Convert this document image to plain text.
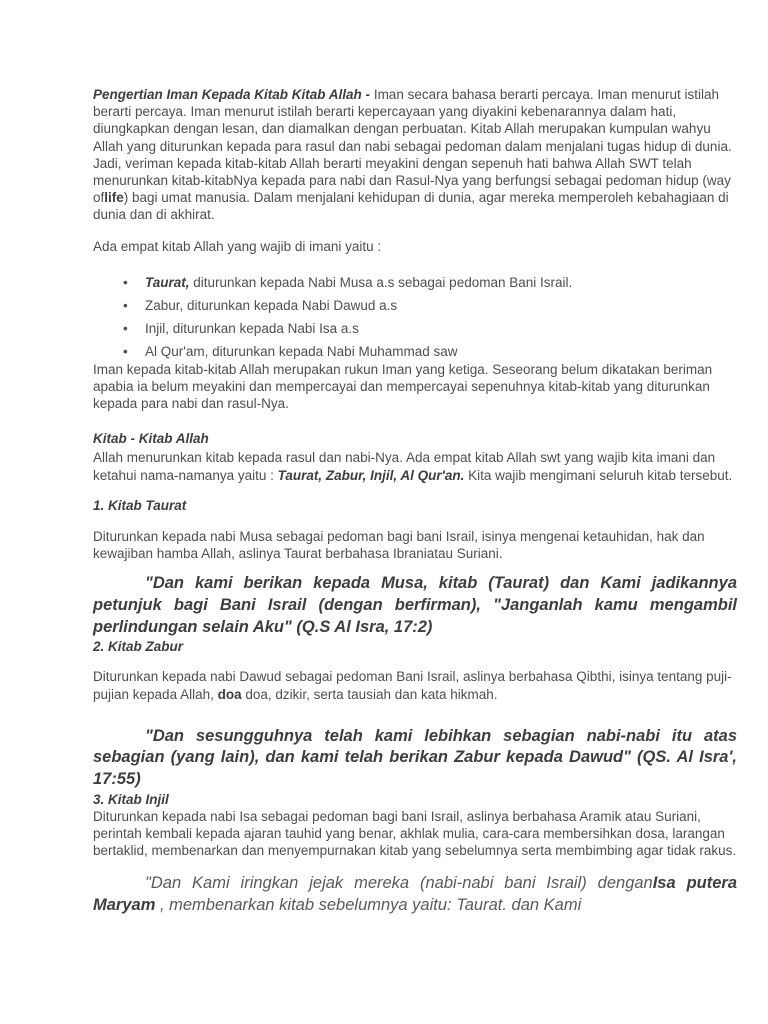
Pengertian Iman Kepada Kitab Kitab Allah - Iman secara bahasa berarti percaya. Iman menurut istilah berarti percaya. Iman menurut istilah berarti kepercayaan yang diyakini kebenarannya dalam hati, diungkapkan dengan lesan, dan diamalkan dengan perbuatan. Kitab Allah merupakan kumpulan wahyu Allah yang diturunkan kepada para rasul dan nabi sebagai pedoman dalam menjalani tugas hidup di dunia. Jadi, veriman kepada kitab-kitab Allah berarti meyakini dengan sepenuh hati bahwa Allah SWT telah menurunkan kitab-kitabNya kepada para nabi dan Rasul-Nya yang berfungsi sebagai pedoman hidup (way oflife) bagi umat manusia. Dalam menjalani kehidupan di dunia, agar mereka memperoleh kebahagiaan di dunia dan di akhirat.

Ada empat kitab Allah yang wajib di imani yaitu :

• Taurat, diturunkan kepada Nabi Musa a.s sebagai pedoman Bani Israil.
• Zabur, diturunkan kepada Nabi Dawud a.s
• Injil, diturunkan kepada Nabi Isa a.s
• Al Qur'am, diturunkan kepada Nabi Muhammad saw

Iman kepada kitab-kitab Allah merupakan rukun Iman yang ketiga. Seseorang belum dikatakan beriman apabia ia belum meyakini dan mempercayai dan mempercayai sepenuhnya kitab-kitab yang diturunkan kepada para nabi dan rasul-Nya.

Kitab - Kitab Allah

Allah menurunkan kitab kepada rasul dan nabi-Nya. Ada empat kitab Allah swt yang wajib kita imani dan ketahui nama-namanya yaitu : Taurat, Zabur, Injil, Al Qur'an. Kita wajib mengimani seluruh kitab tersebut.

1. Kitab Taurat

Diturunkan kepada nabi Musa sebagai pedoman bagi bani Israil, isinya mengenai ketauhidan, hak dan kewajiban hamba Allah, aslinya Taurat berbahasa Ibraniatau Suriani.

"Dan kami berikan kepada Musa, kitab (Taurat) dan Kami jadikannya petunjuk bagi Bani Israil (dengan berfirman), "Janganlah kamu mengambil perlindungan selain Aku" (Q.S Al Isra, 17:2)

2. Kitab Zabur

Diturunkan kepada nabi Dawud sebagai pedoman Bani Israil, aslinya berbahasa Qibthi, isinya tentang puji-pujian kepada Allah, doa doa, dzikir, serta tausiah dan kata hikmah.

"Dan sesungguhnya telah kami lebihkan sebagian nabi-nabi itu atas sebagian (yang lain), dan kami telah berikan Zabur kepada Dawud" (QS. Al Isra', 17:55)

3. Kitab Injil

Diturunkan kepada nabi Isa sebagai pedoman bagi bani Israil, aslinya berbahasa Aramik atau Suriani, perintah kembali kepada ajaran tauhid yang benar, akhlak mulia, cara-cara membersihkan dosa, larangan bertaklid, membenarkan dan menyempurnakan kitab yang sebelumnya serta membimbing agar tidak rakus.

"Dan Kami iringkan jejak mereka (nabi-nabi bani Israil) denganIsa putera Maryam , membenarkan kitab sebelumnya yaitu: Taurat. dan Kami
